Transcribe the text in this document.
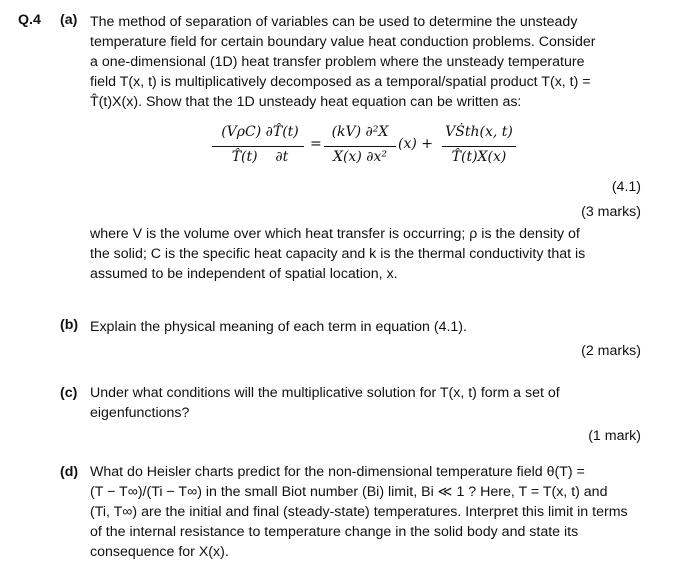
Q.4 (a) The method of separation of variables can be used to determine the unsteady
temperature field for certain boundary value heat conduction problems. Consider
a one-dimensional (1D) heat transfer problem where the unsteady temperature
field T(x, t) is multiplicatively decomposed as a temporal/spatial product T(x, t) =
T̂(t)X(x). Show that the 1D unsteady heat equation can be written as:
(VρC) ∂T̂(t)
T̂(t)    ∂t
=
(kV) ∂²X
X(x) ∂x²
(x) +
VṠth(x, t)
T̂(t)X(x)
(4.1)
(3 marks)
where V is the volume over which heat transfer is occurring; ρ is the density of
the solid; C is the specific heat capacity and k is the thermal conductivity that is
assumed to be independent of spatial location, x.
(b) Explain the physical meaning of each term in equation (4.1).
(2 marks)
(c) Under what conditions will the multiplicative solution for T(x, t) form a set of
eigenfunctions?
(1 mark)
(d) What do Heisler charts predict for the non-dimensional temperature field θ(T) =
(T − T∞)/(Ti − T∞) in the small Biot number (Bi) limit, Bi ≪ 1 ? Here, T = T(x, t) and
(Ti, T∞) are the initial and final (steady-state) temperatures. Interpret this limit in terms
of the internal resistance to temperature change in the solid body and state its
consequence for X(x).
